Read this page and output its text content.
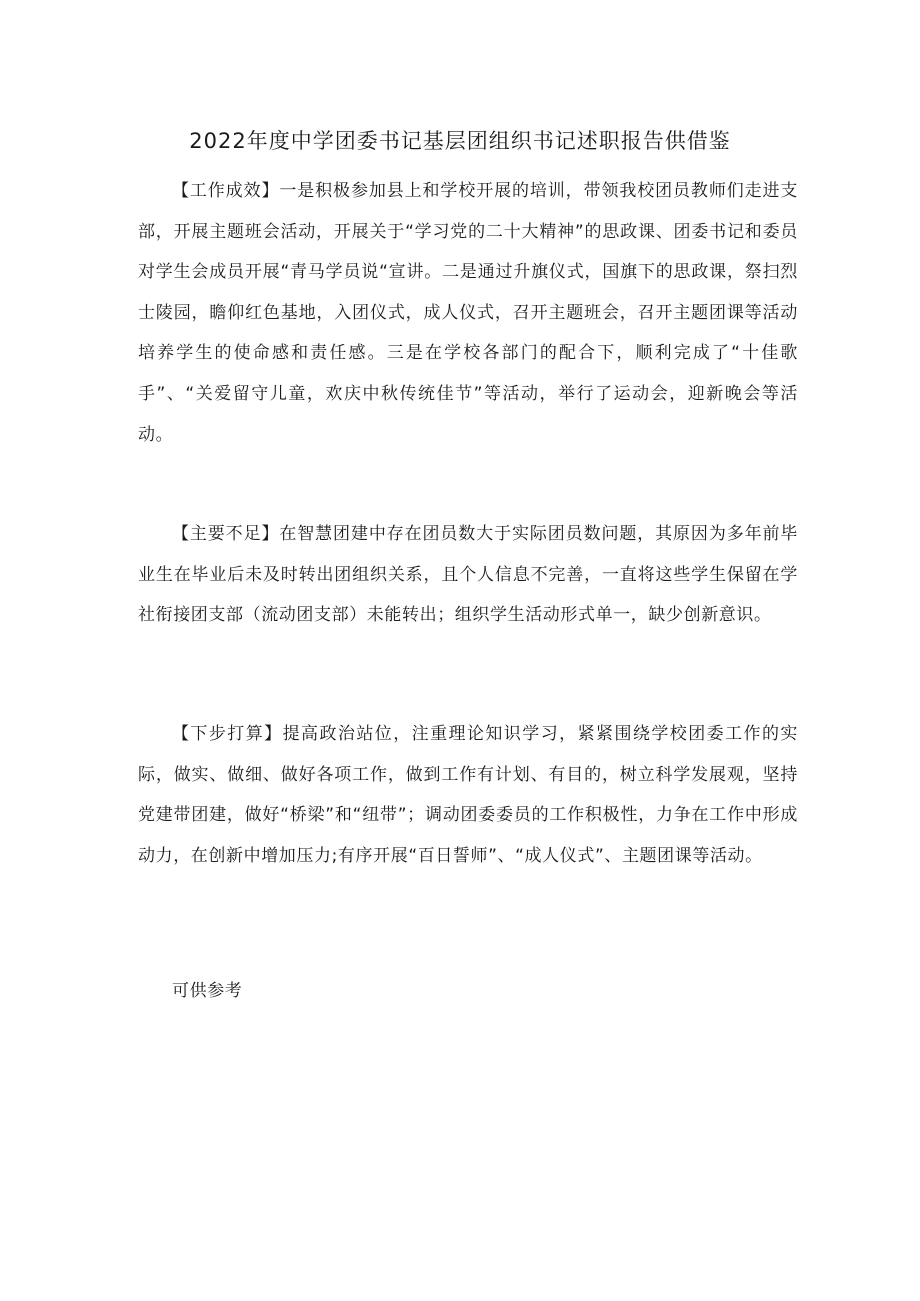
2022年度中学团委书记基层团组织书记述职报告供借鉴

【工作成效】一是积极参加县上和学校开展的培训，带领我校团员教师们走进支部，开展主题班会活动，开展关于“学习党的二十大精神”的思政课、团委书记和委员对学生会成员开展“青马学员说“宣讲。二是通过升旗仪式，国旗下的思政课，祭扫烈士陵园，瞻仰红色基地，入团仪式，成人仪式，召开主题班会，召开主题团课等活动培养学生的使命感和责任感。三是在学校各部门的配合下，顺利完成了“十佳歌手”、“关爱留守儿童，欢庆中秋传统佳节”等活动，举行了运动会，迎新晚会等活动。

【主要不足】在智慧团建中存在团员数大于实际团员数问题，其原因为多年前毕业生在毕业后未及时转出团组织关系，且个人信息不完善，一直将这些学生保留在学社衔接团支部（流动团支部）未能转出；组织学生活动形式单一，缺少创新意识。

【下步打算】提高政治站位，注重理论知识学习，紧紧围绕学校团委工作的实际，做实、做细、做好各项工作，做到工作有计划、有目的，树立科学发展观，坚持党建带团建，做好“桥梁”和“纽带”；调动团委委员的工作积极性，力争在工作中形成动力，在创新中增加压力;有序开展“百日誓师”、“成人仪式”、主题团课等活动。

可供参考
